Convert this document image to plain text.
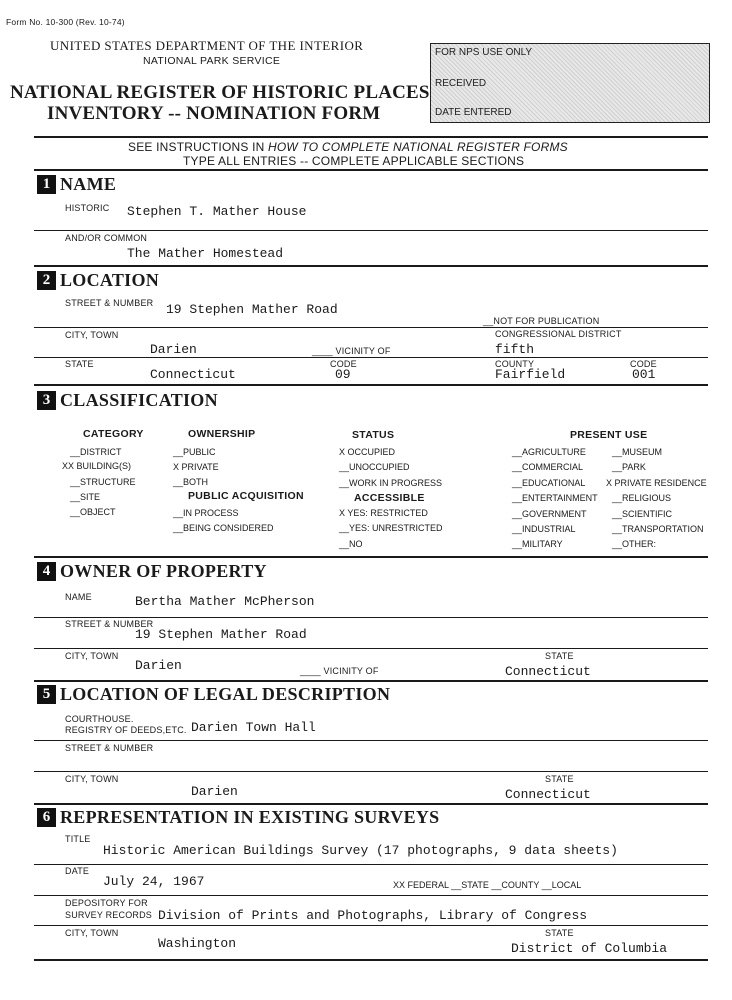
Form No. 10-300 (Rev. 10-74)
UNITED STATES DEPARTMENT OF THE INTERIOR
NATIONAL PARK SERVICE
NATIONAL REGISTER OF HISTORIC PLACES
INVENTORY -- NOMINATION FORM
FOR NPS USE ONLY
RECEIVED
DATE ENTERED
SEE INSTRUCTIONS IN HOW TO COMPLETE NATIONAL REGISTER FORMS
TYPE ALL ENTRIES -- COMPLETE APPLICABLE SECTIONS
1 NAME
HISTORIC Stephen T. Mather House
AND/OR COMMON
The Mather Homestead
2 LOCATION
STREET & NUMBER 19 Stephen Mather Road
__NOT FOR PUBLICATION
CITY, TOWN	CONGRESSIONAL DISTRICT
Darien	____ VICINITY OF	fifth
STATE	CODE	COUNTY	CODE
Connecticut	09	Fairfield	001
3 CLASSIFICATION
CATEGORY	OWNERSHIP	STATUS	PRESENT USE
__DISTRICT
XX BUILDING(S)
__STRUCTURE
__SITE
__OBJECT
__PUBLIC
X PRIVATE
__BOTH
PUBLIC ACQUISITION
__IN PROCESS
__BEING CONSIDERED
X OCCUPIED
__UNOCCUPIED
__WORK IN PROGRESS
ACCESSIBLE
X YES: RESTRICTED
__YES: UNRESTRICTED
__NO
__AGRICULTURE
__COMMERCIAL
__EDUCATIONAL
__ENTERTAINMENT
__GOVERNMENT
__INDUSTRIAL
__MILITARY
__MUSEUM
__PARK
X PRIVATE RESIDENCE
__RELIGIOUS
__SCIENTIFIC
__TRANSPORTATION
__OTHER:
4 OWNER OF PROPERTY
NAME	Bertha Mather McPherson
STREET & NUMBER
19 Stephen Mather Road
CITY, TOWN	STATE
Darien	____ VICINITY OF	Connecticut
5 LOCATION OF LEGAL DESCRIPTION
COURTHOUSE.
REGISTRY OF DEEDS,ETC. Darien Town Hall
STREET & NUMBER
CITY, TOWN	STATE
Darien	Connecticut
6 REPRESENTATION IN EXISTING SURVEYS
TITLE
Historic American Buildings Survey (17 photographs, 9 data sheets)
DATE
July 24, 1967	XX FEDERAL __STATE __COUNTY __LOCAL
DEPOSITORY FOR
SURVEY RECORDS Division of Prints and Photographs, Library of Congress
CITY, TOWN	STATE
Washington	District of Columbia
